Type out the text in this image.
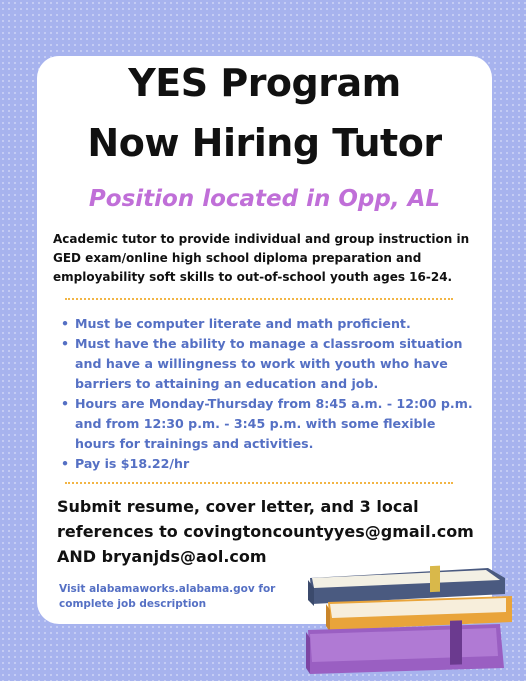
YES Program
Now Hiring Tutor
Position located in Opp, AL

Academic tutor to provide individual and group instruction in GED exam/online high school diploma preparation and employability soft skills to out-of-school youth ages 16-24.

• Must be computer literate and math proficient.
• Must have the ability to manage a classroom situation and have a willingness to work with youth who have barriers to attaining an education and job.
• Hours are Monday-Thursday from 8:45 a.m. - 12:00 p.m. and from 12:30 p.m. - 3:45 p.m. with some flexible hours for trainings and activities.
• Pay is $18.22/hr

Submit resume, cover letter, and 3 local references to covingtoncountyyes@gmail.com AND bryanjds@aol.com

Visit alabamaworks.alabama.gov for complete job description
